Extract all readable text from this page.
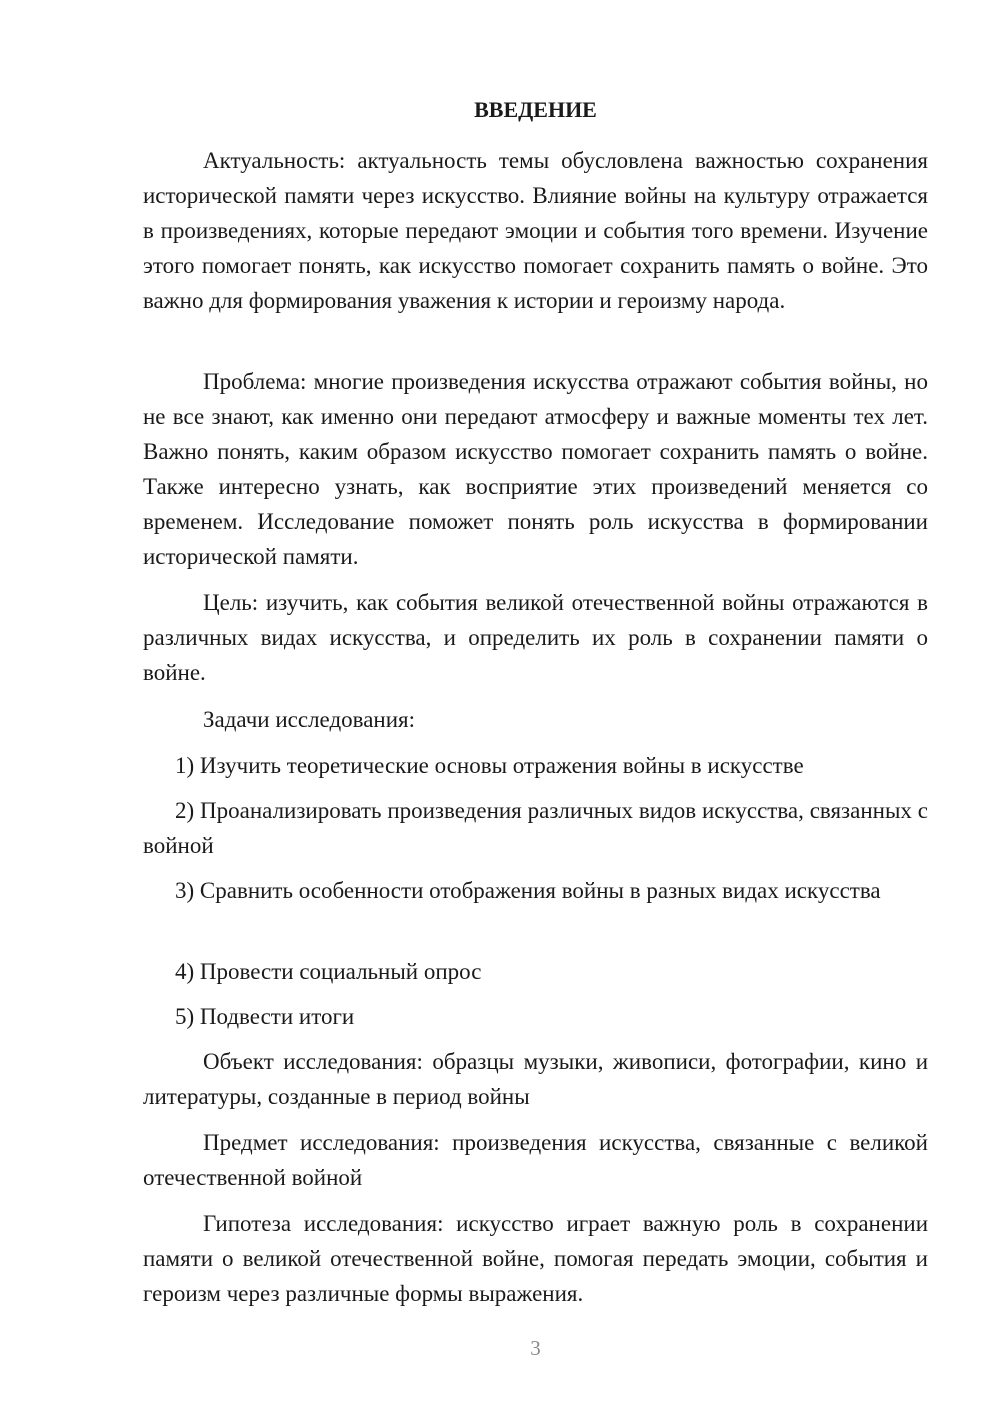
ВВЕДЕНИЕ

Актуальность: актуальность темы обусловлена важностью сохранения исторической памяти через искусство. Влияние войны на культуру отражается в произведениях, которые передают эмоции и события того времени. Изучение этого помогает понять, как искусство помогает сохранить память о войне. Это важно для формирования уважения к истории и героизму народа.

Проблема: многие произведения искусства отражают события войны, но не все знают, как именно они передают атмосферу и важные моменты тех лет. Важно понять, каким образом искусство помогает сохранить память о войне. Также интересно узнать, как восприятие этих произведений меняется со временем. Исследование поможет понять роль искусства в формировании исторической памяти.

Цель: изучить, как события великой отечественной войны отражаются в различных видах искусства, и определить их роль в сохранении памяти о войне.

Задачи исследования:

1) Изучить теоретические основы отражения войны в искусстве

2) Проанализировать произведения различных видов искусства, связанных с войной

3) Сравнить особенности отображения войны в разных видах искусства

4) Провести социальный опрос

5) Подвести итоги

Объект исследования: образцы музыки, живописи, фотографии, кино и литературы, созданные в период войны

Предмет исследования: произведения искусства, связанные с великой отечественной войной

Гипотеза исследования: искусство играет важную роль в сохранении памяти о великой отечественной войне, помогая передать эмоции, события и героизм через различные формы выражения.

3
